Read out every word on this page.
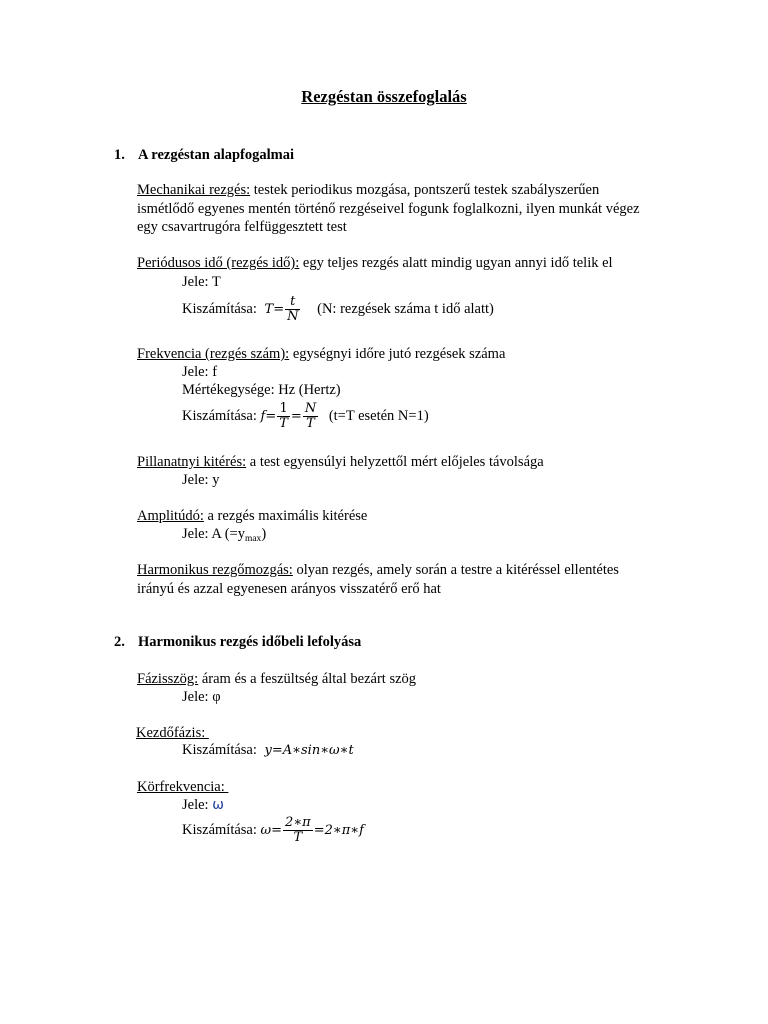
Rezgéstan összefoglalás
1. A rezgéstan alapfogalmai
Mechanikai rezgés: testek periodikus mozgása, pontszerű testek szabályszerűen
ismétlődő egyenes mentén történő rezgéseivel fogunk foglalkozni, ilyen munkát végez
egy csavartrugóra felfüggesztett test
Periódusos idő (rezgés idő): egy teljes rezgés alatt mindig ugyan annyi idő telik el
Jele: T
Kiszámítása: $T= \frac{t}{N} (N$: rezgések száma t idő alatt)
Frekvencia (rezgés szám): egységnyi időre jutó rezgések száma
Jele: f
Mértékegysége: Hz (Hertz)
Kiszámítása: $f= \frac{1}{T} = \frac{N}{T} (t=T$ esetén N=1)
Pillanatnyi kitérés: a test egyensúlyi helyzettől mért előjeles távolsága
Jele: y
Amplitúdó: a rezgés maximális kitérése
Jele: A $(=y_{max})$
Harmonikus rezgőmozgás: olyan rezgés, amely során a testre a kitéréssel ellentétes
irányú és azzal egyenesen arányos visszatérő erő hat
2. Harmonikus rezgés időbeli lefolyása
Fázisszög: áram és a feszültség által bezárt szög
Jele: φ
Kezdőfázis:
Kiszámítása: y=A∗sin∗ω∗t
Körfrekvencia:
Jele: ω
Kiszámítása: $\omega= \frac{2∗\pi}{T}$ =2∗π∗f
